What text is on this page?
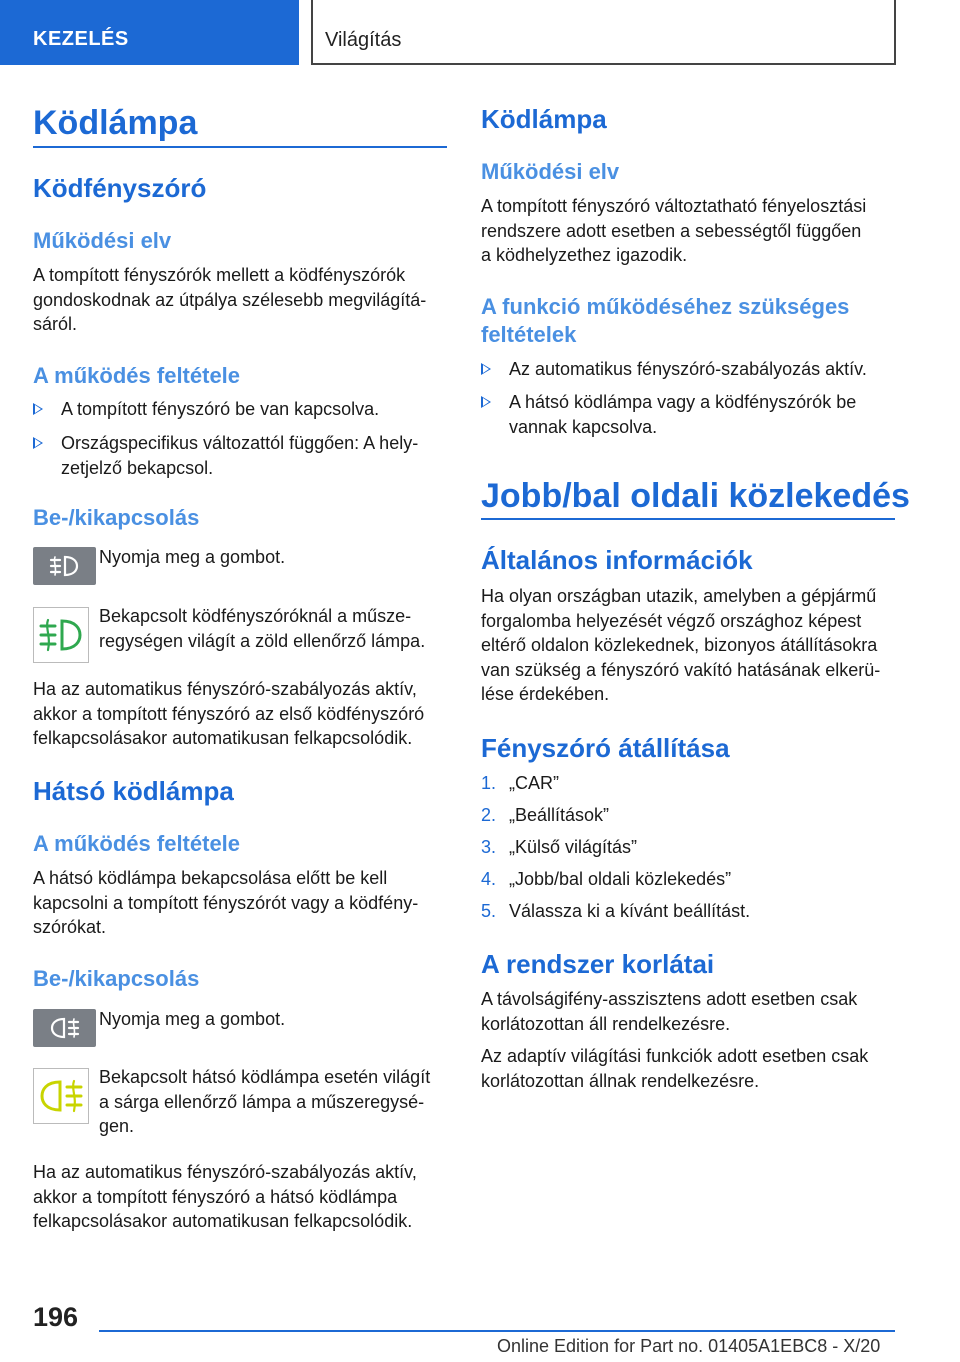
KEZELÉS	Világítás
Ködlámpa
Ködfényszóró
Működési elv
A tompított fényszórók mellett a ködfényszórók
gondoskodnak az útpálya szélesebb megvilágítá-
sáról.
A működés feltétele
A tompított fényszóró be van kapcsolva.
Országspecifikus változattól függően: A hely-
zetjelző bekapcsol.
Be-/kikapcsolás
Nyomja meg a gombot.
Bekapcsolt ködfényszóróknál a műsze-
regységen világít a zöld ellenőrző lámpa.
Ha az automatikus fényszóró-szabályozás aktív,
akkor a tompított fényszóró az első ködfényszóró
felkapcsolásakor automatikusan felkapcsolódik.
Hátsó ködlámpa
A működés feltétele
A hátsó ködlámpa bekapcsolása előtt be kell
kapcsolni a tompított fényszórót vagy a ködfény-
szórókat.
Be-/kikapcsolás
Nyomja meg a gombot.
Bekapcsolt hátsó ködlámpa esetén világít
a sárga ellenőrző lámpa a műszeregysé-
gen.
Ha az automatikus fényszóró-szabályozás aktív,
akkor a tompított fényszóró a hátsó ködlámpa
felkapcsolásakor automatikusan felkapcsolódik.
Ködlámpa
Működési elv
A tompított fényszóró változtatható fényelosztási
rendszere adott esetben a sebességtől függően
a ködhelyzethez igazodik.
A funkció működéséhez szükséges
feltételek
Az automatikus fényszóró-szabályozás aktív.
A hátsó ködlámpa vagy a ködfényszórók be
vannak kapcsolva.
Jobb/bal oldali közlekedés
Általános információk
Ha olyan országban utazik, amelyben a gépjármű
forgalomba helyezését végző országhoz képest
eltérő oldalon közlekednek, bizonyos átállításokra
van szükség a fényszóró vakító hatásának elkerü-
lése érdekében.
Fényszóró átállítása
1. „CAR”
2. „Beállítások”
3. „Külső világítás”
4. „Jobb/bal oldali közlekedés”
5. Válassza ki a kívánt beállítást.
A rendszer korlátai
A távolságifény-asszisztens adott esetben csak
korlátozottan áll rendelkezésre.
Az adaptív világítási funkciók adott esetben csak
korlátozottan állnak rendelkezésre.
196
Online Edition for Part no. 01405A1EBC8 - X/20
